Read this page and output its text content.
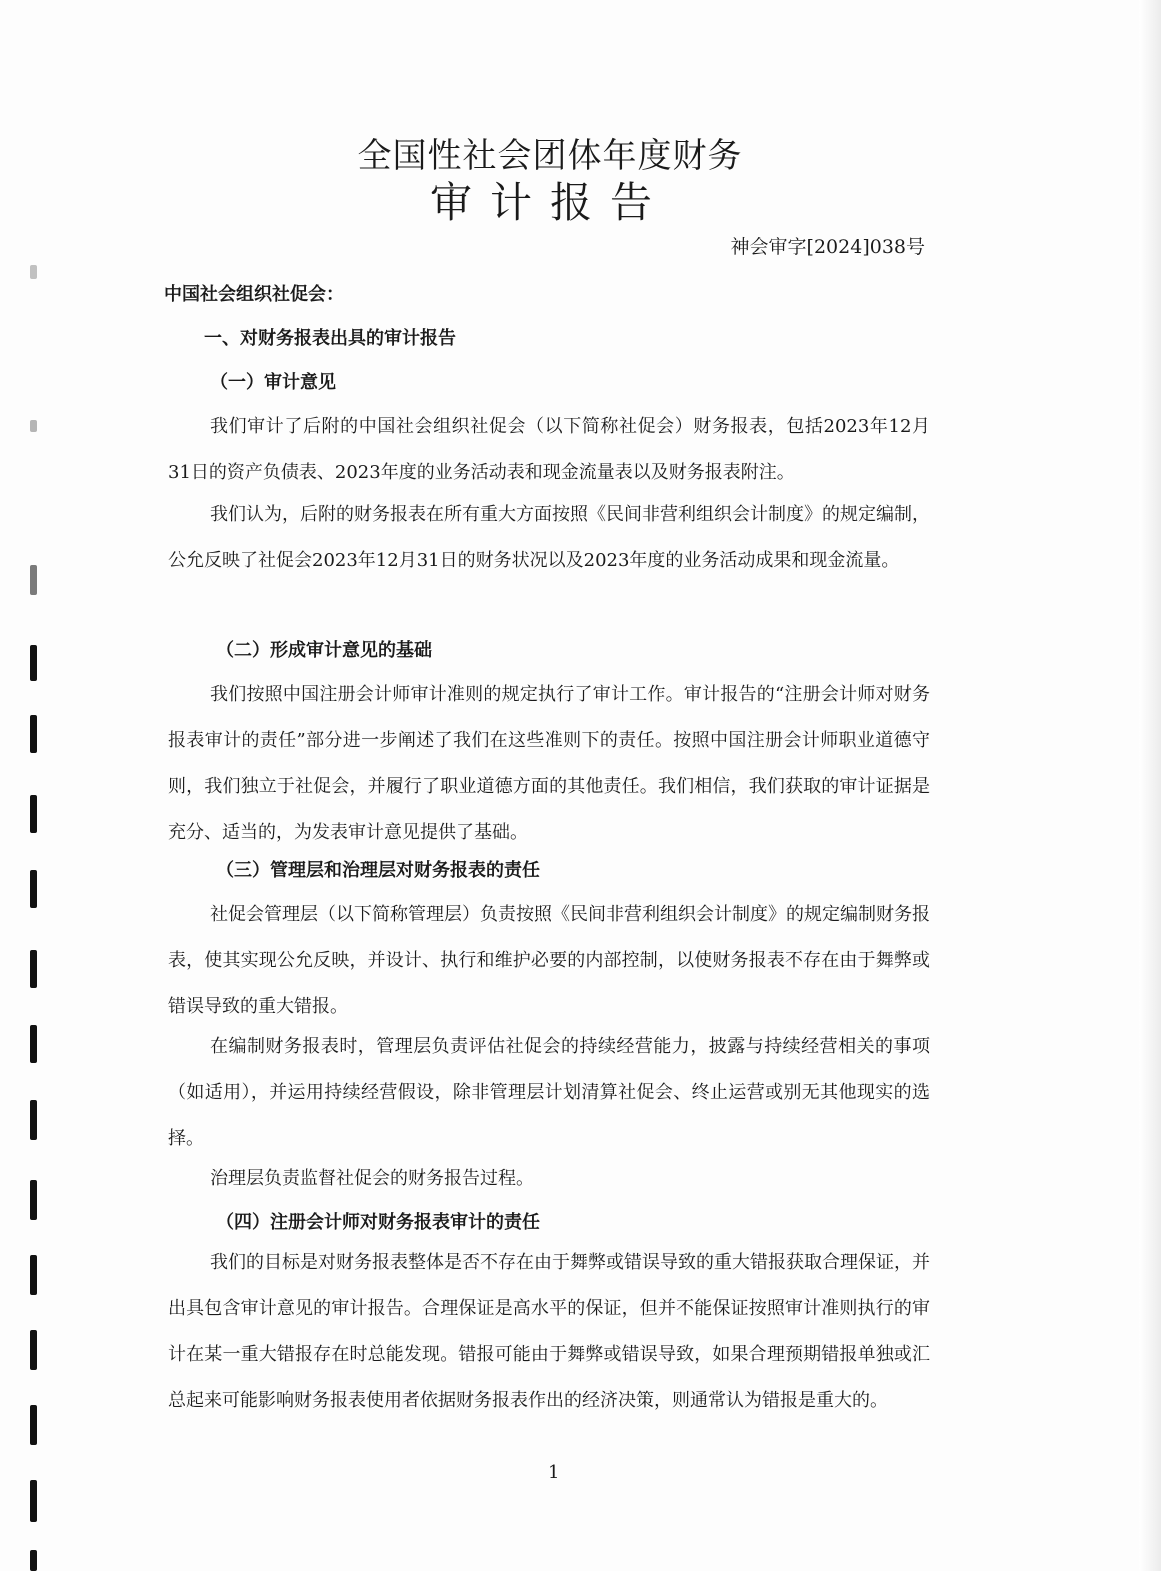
全国性社会团体年度财务
审计报告
神会审字[2024]038号
中国社会组织社促会：
一、对财务报表出具的审计报告
（一）审计意见
我们审计了后附的中国社会组织社促会（以下简称社促会）财务报表，包括2023年12月31日的资产负债表、2023年度的业务活动表和现金流量表以及财务报表附注。
我们认为，后附的财务报表在所有重大方面按照《民间非营利组织会计制度》的规定编制，公允反映了社促会2023年12月31日的财务状况以及2023年度的业务活动成果和现金流量。
（二）形成审计意见的基础
我们按照中国注册会计师审计准则的规定执行了审计工作。审计报告的“注册会计师对财务报表审计的责任”部分进一步阐述了我们在这些准则下的责任。按照中国注册会计师职业道德守则，我们独立于社促会，并履行了职业道德方面的其他责任。我们相信，我们获取的审计证据是充分、适当的，为发表审计意见提供了基础。
（三）管理层和治理层对财务报表的责任
社促会管理层（以下简称管理层）负责按照《民间非营利组织会计制度》的规定编制财务报表，使其实现公允反映，并设计、执行和维护必要的内部控制，以使财务报表不存在由于舞弊或错误导致的重大错报。
在编制财务报表时，管理层负责评估社促会的持续经营能力，披露与持续经营相关的事项（如适用），并运用持续经营假设，除非管理层计划清算社促会、终止运营或别无其他现实的选择。
治理层负责监督社促会的财务报告过程。
（四）注册会计师对财务报表审计的责任
我们的目标是对财务报表整体是否不存在由于舞弊或错误导致的重大错报获取合理保证，并出具包含审计意见的审计报告。合理保证是高水平的保证，但并不能保证按照审计准则执行的审计在某一重大错报存在时总能发现。错报可能由于舞弊或错误导致，如果合理预期错报单独或汇总起来可能影响财务报表使用者依据财务报表作出的经济决策，则通常认为错报是重大的。
1
